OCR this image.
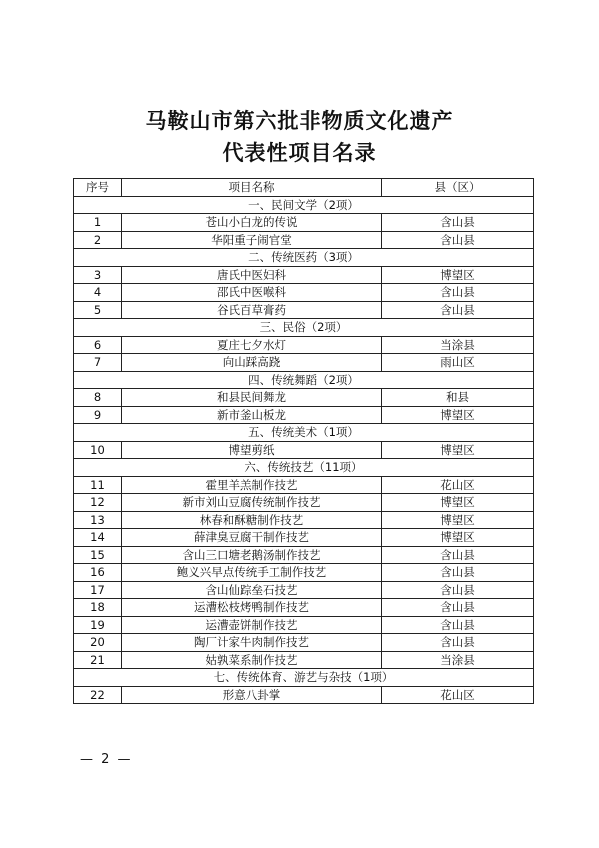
马鞍山市第六批非物质文化遗产
代表性项目名录
序号	项目名称	县（区）
一、民间文学（2项）		
1	苍山小白龙的传说	含山县
2	华阳重子闹官堂	含山县
二、传统医药（3项）		
3	唐氏中医妇科	博望区
4	邵氏中医喉科	含山县
5	谷氏百草膏药	含山县
三、民俗（2项）		
6	夏庄七夕水灯	当涂县
7	向山踩高跷	雨山区
四、传统舞蹈（2项）		
8	和县民间舞龙	和县
9	新市釜山板龙	博望区
五、传统美术（1项）		
10	博望剪纸	博望区
六、传统技艺（11项）		
11	霍里羊羔制作技艺	花山区
12	新市刘山豆腐传统制作技艺	博望区
13	林春和酥糖制作技艺	博望区
14	薛津臭豆腐干制作技艺	博望区
15	含山三口塘老鹅汤制作技艺	含山县
16	鲍义兴早点传统手工制作技艺	含山县
17	含山仙踪垒石技艺	含山县
18	运漕松枝烤鸭制作技艺	含山县
19	运漕壶饼制作技艺	含山县
20	陶厂计家牛肉制作技艺	含山县
21	姑孰菜系制作技艺	当涂县
七、传统体育、游艺与杂技（1项）		
22	形意八卦掌	花山区
— 2 —
